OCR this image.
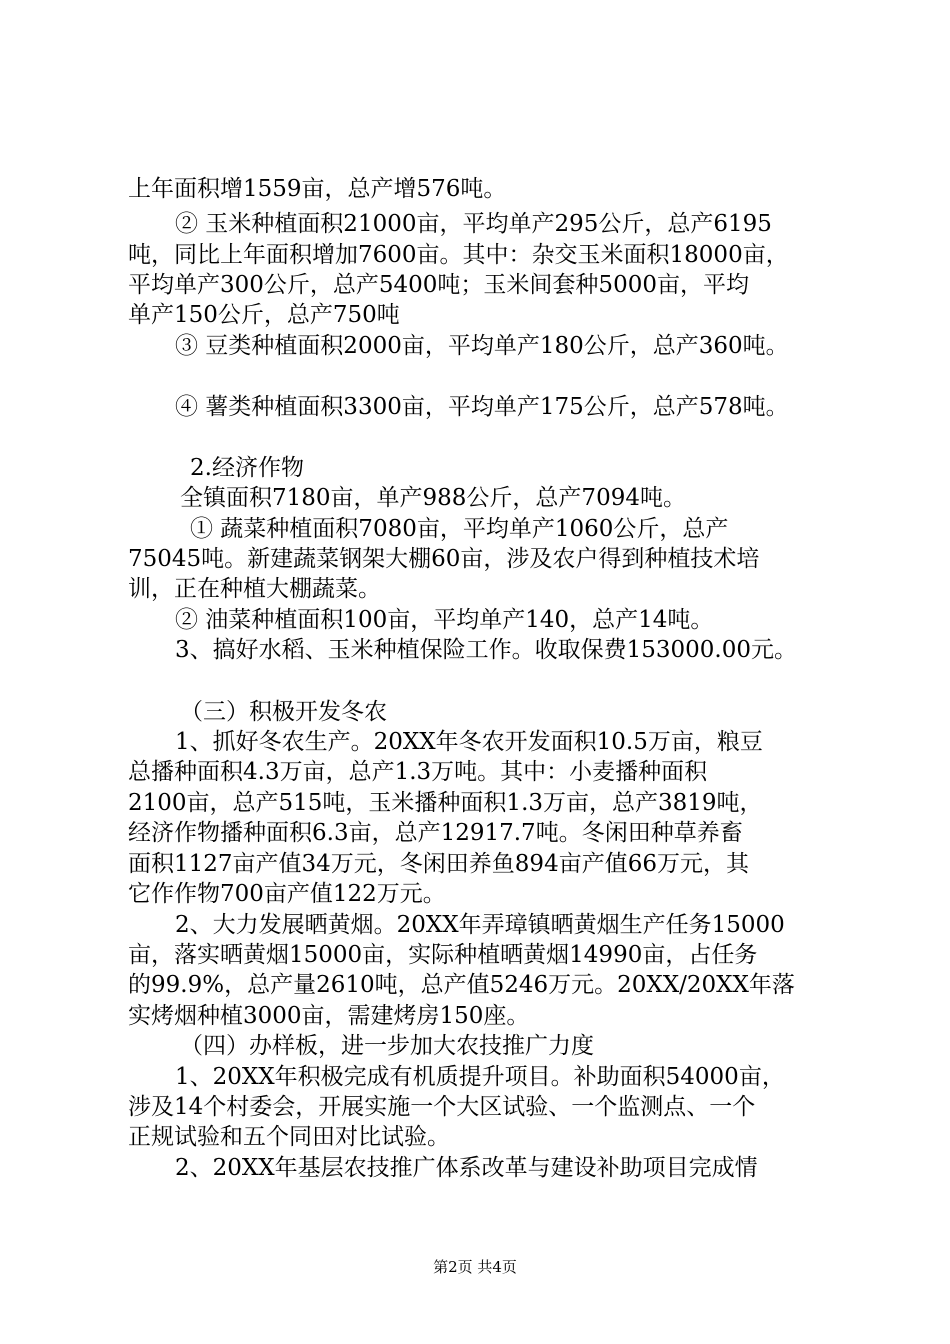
上年面积增1559亩，总产增576吨。
② 玉米种植面积21000亩，平均单产295公斤，总产6195
吨，同比上年面积增加7600亩。其中：杂交玉米面积18000亩，
平均单产300公斤，总产5400吨；玉米间套种5000亩，平均
单产150公斤，总产750吨
③ 豆类种植面积2000亩，平均单产180公斤，总产360吨。
④ 薯类种植面积3300亩，平均单产175公斤，总产578吨。
2.经济作物
全镇面积7180亩，单产988公斤，总产7094吨。
① 蔬菜种植面积7080亩，平均单产1060公斤，总产
75045吨。新建蔬菜钢架大棚60亩，涉及农户得到种植技术培
训，正在种植大棚蔬菜。
② 油菜种植面积100亩，平均单产140，总产14吨。
3、搞好水稻、玉米种植保险工作。收取保费153000.00元。
（三）积极开发冬农
1、抓好冬农生产。20XX年冬农开发面积10.5万亩，粮豆
总播种面积4.3万亩，总产1.3万吨。其中：小麦播种面积
2100亩，总产515吨，玉米播种面积1.3万亩，总产3819吨，
经济作物播种面积6.3亩，总产12917.7吨。冬闲田种草养畜
面积1127亩产值34万元，冬闲田养鱼894亩产值66万元，其
它作作物700亩产值122万元。
2、大力发展晒黄烟。20XX年弄璋镇晒黄烟生产任务15000
亩，落实晒黄烟15000亩，实际种植晒黄烟14990亩，占任务
的99.9%，总产量2610吨，总产值5246万元。20XX/20XX年落
实烤烟种植3000亩，需建烤房150座。
（四）办样板，进一步加大农技推广力度
1、20XX年积极完成有机质提升项目。补助面积54000亩，
涉及14个村委会，开展实施一个大区试验、一个监测点、一个
正规试验和五个同田对比试验。
2、20XX年基层农技推广体系改革与建设补助项目完成情
第2页 共4页
